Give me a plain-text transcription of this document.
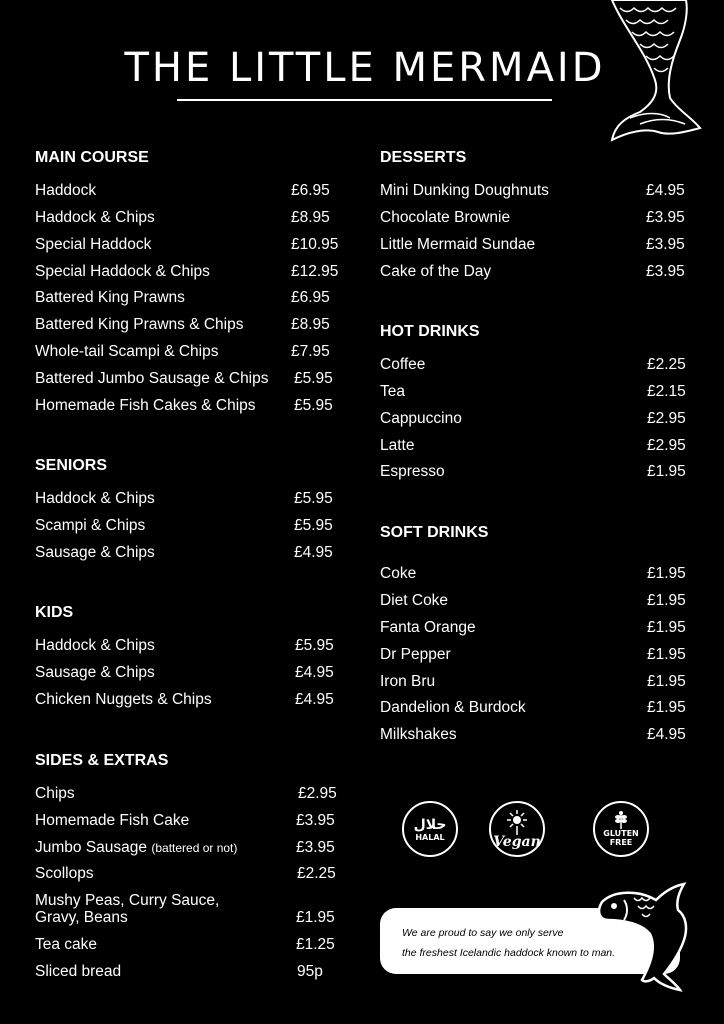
THE LITTLE MERMAID
MAIN COURSE
Haddock	£6.95
Haddock & Chips	£8.95
Special Haddock	£10.95
Special Haddock & Chips	£12.95
Battered King Prawns	£6.95
Battered King Prawns & Chips	£8.95
Whole-tail Scampi & Chips	£7.95
Battered Jumbo Sausage & Chips £5.95
Homemade Fish Cakes & Chips £5.95
SENIORS
Haddock & Chips	£5.95
Scampi & Chips	£5.95
Sausage & Chips	£4.95
KIDS
Haddock & Chips	£5.95
Sausage & Chips	£4.95
Chicken Nuggets & Chips	£4.95
SIDES & EXTRAS
Chips	£2.95
Homemade Fish Cake	£3.95
Jumbo Sausage (battered or not)	£3.95
Scollops	£2.25
Mushy Peas, Curry Sauce,
Gravy, Beans	£1.95
Tea cake	£1.25
Sliced bread	95p
DESSERTS
Mini Dunking Doughnuts	£4.95
Chocolate Brownie	£3.95
Little Mermaid Sundae	£3.95
Cake of the Day	£3.95
HOT DRINKS
Coffee	£2.25
Tea	£2.15
Cappuccino	£2.95
Latte	£2.95
Espresso	£1.95
SOFT DRINKS
Coke	£1.95
Diet Coke	£1.95
Fanta Orange	£1.95
Dr Pepper	£1.95
Iron Bru	£1.95
Dandelion & Burdock	£1.95
Milkshakes	£4.95
حلال
HALAL	Vegan
GLUTEN
FREE
We are proud to say we only serve
the freshest Icelandic haddock known to man.
